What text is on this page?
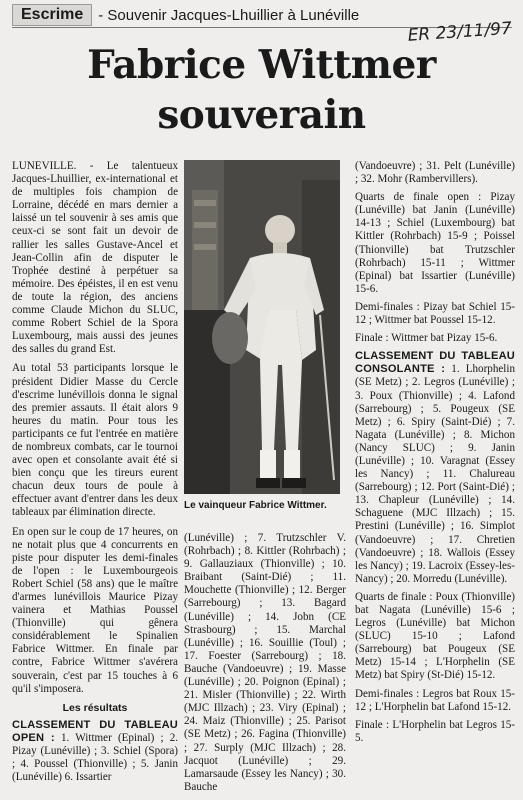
Escrime	- Souvenir Jacques-Lhuillier à Lunéville
ER 23/11/97
Fabrice Wittmer
souverain

LUNEVILLE. - Le talentueux Jacques-Lhuillier, ex-international et de multiples fois champion de Lorraine, décédé en mars dernier a laissé un tel souvenir à ses amis que ceux-ci se sont fait un devoir de rallier les salles Gustave-Ancel et Jean-Collin afin de disputer le Trophée destiné à perpétuer sa mémoire. Des épéistes, il en est venu de toute la région, des anciens comme Claude Michon du SLUC, comme Robert Schiel de la Spora Luxembourg, mais aussi des jeunes des salles du grand Est.

Au total 53 participants lorsque le président Didier Masse du Cercle d'escrime lunévillois donna le signal des premier assauts. Il était alors 9 heures du matin. Pour tous les participants ce fut l'entrée en matière de nombreux combats, car le tournoi avec open et consolante avait été si bien conçu que les tireurs eurent chacun deux tours de poule à effectuer avant d'entrer dans les deux tableaux par élimination directe.

En open sur le coup de 17 heures, on ne notait plus que 4 concurrents en piste pour disputer les demi-finales de l'open : le Luxembourgeois Robert Schiel (58 ans) que le maître d'armes lunévillois Maurice Pizay vainera et Mathias Poussel (Thionville) qui gênera considérablement le Spinalien Fabrice Wittmer. En finale par contre, Fabrice Wittmer s'avérera souverain, c'est par 15 touches à 6 qu'il s'imposera.

Les résultats
CLASSEMENT DU TABLEAU OPEN : 1. Wittmer (Epinal) ; 2. Pizay (Lunéville) ; 3. Schiel (Spora) ; 4. Poussel (Thionville) ; 5. Janin (Lunéville) 6. Issartier
Le vainqueur Fabrice Wittmer.

(Lunéville) ; 7. Trutzschler V. (Rohrbach) ; 8. Kittler (Rohrbach) ; 9. Gallauziaux (Thionville) ; 10. Braibant (Saint-Dié) ; 11. Mouchette (Thionville) ; 12. Berger (Sarrebourg) ; 13. Bagard (Lunéville) ; 14. Jobn (CE Strasbourg) ; 15. Marchal (Lunéville) ; 16. Souillie (Toul) ; 17. Foester (Sarrebourg) ; 18. Bauche (Vandoeuvre) ; 19. Masse (Lunéville) ; 20. Poignon (Epinal) ; 21. Misler (Thionville) ; 22. Wirth (MJC Illzach) ; 23. Viry (Epinal) ; 24. Maiz (Thionville) ; 25. Parisot (SE Metz) ; 26. Fagina (Thionville) ; 27. Surply (MJC Illzach) ; 28. Jacquot (Lunéville) ; 29. Lamarsaude (Essey les Nancy) ; 30. Bauche

(Vandoeuvre) ; 31. Pelt (Lunéville) ; 32. Mohr (Rambervillers).
Quarts de finale open : Pizay (Lunéville) bat Janin (Lunéville) 14-13 ; Schiel (Luxembourg) bat Kittler (Rohrbach) 15-9 ; Poissel (Thionville) bat Trutzschler (Rohrbach) 15-11 ; Wittmer (Epinal) bat Issartier (Lunéville) 15-6.
Demi-finales : Pizay bat Schiel 15-12 ; Wittmer bat Poussel 15-12.
Finale : Wittmer bat Pizay 15-6.
CLASSEMENT DU TABLEAU CONSOLANTE : 1. Lhorphelin (SE Metz) ; 2. Legros (Lunéville) ; 3. Poux (Thionville) ; 4. Lafond (Sarrebourg) ; 5. Pougeux (SE Metz) ; 6. Spiry (Saint-Dié) ; 7. Nagata (Lunéville) ; 8. Michon (Nancy SLUC) ; 9. Janin (Lunéville) ; 10. Varagnat (Essey les Nancy) ; 11. Chalureau (Sarrebourg) ; 12. Port (Saint-Dié) ; 13. Chapleur (Lunéville) ; 14. Schaguene (MJC Illzach) ; 15. Prestini (Lunéville) ; 16. Simplot (Vandoeuvre) ; 17. Chretien (Vandoeuvre) ; 18. Wallois (Essey les Nancy) ; 19. Lacroix (Essey-les-Nancy) ; 20. Morredu (Lunéville).
Quarts de finale : Poux (Thionville) bat Nagata (Lunéville) 15-6 ; Legros (Lunéville) bat Michon (SLUC) 15-10 ; Lafond (Sarrebourg) bat Pougeux (SE Metz) 15-14 ; L'Horphelin (SE Metz) bat Spiry (St-Dié) 15-12.
Demi-finales : Legros bat Roux 15-12 ; L'Horphelin bat Lafond 15-12.
Finale : L'Horphelin bat Legros 15-5.
